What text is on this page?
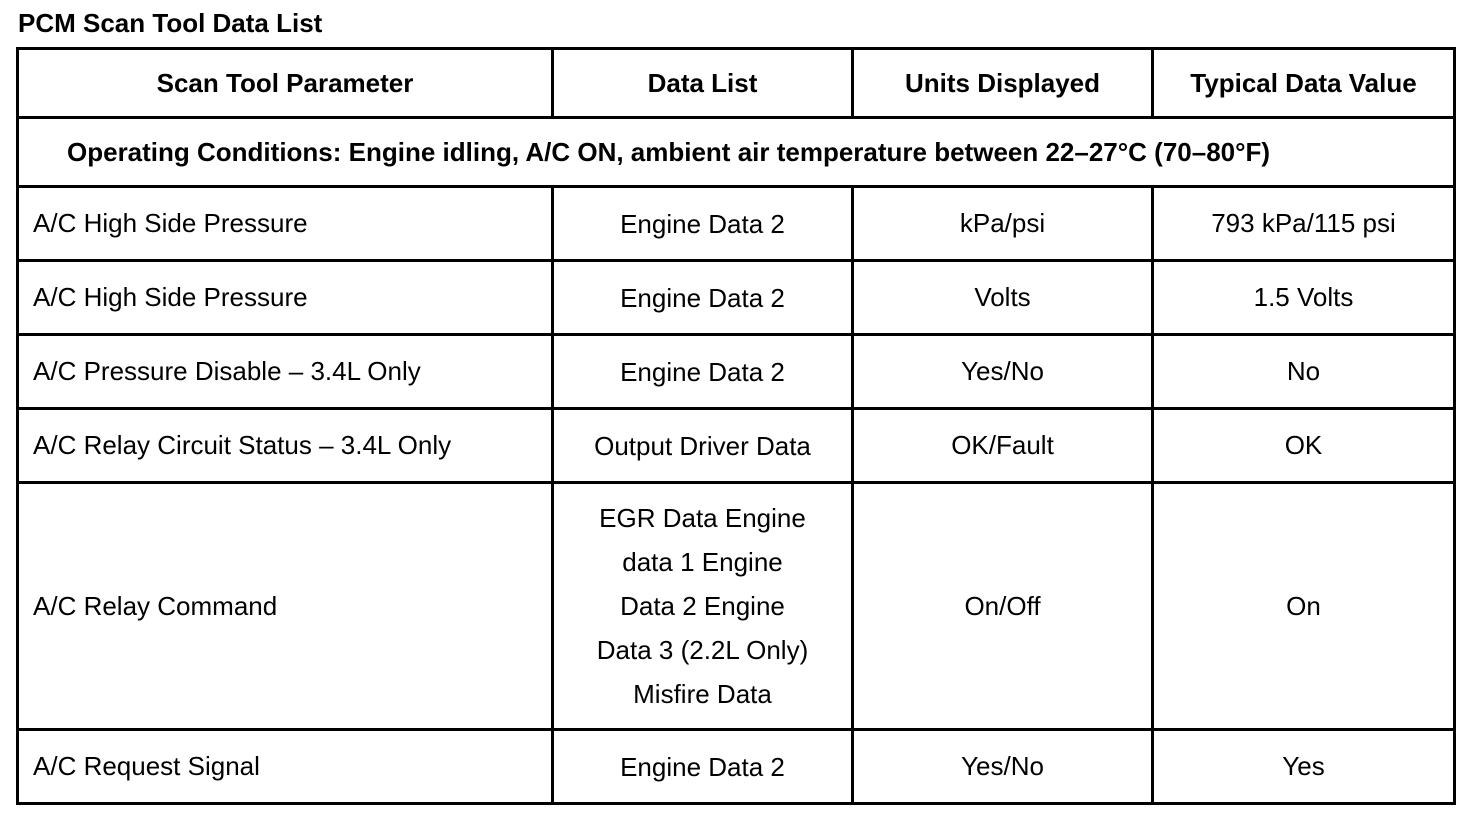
PCM Scan Tool Data List
Scan Tool Parameter	Data List	Units Displayed	Typical Data Value
Operating Conditions: Engine idling, A/C ON, ambient air temperature between 22–27°C (70–80°F)			
A/C High Side Pressure	Engine Data 2	kPa/psi	793 kPa/115 psi
A/C High Side Pressure	Engine Data 2	Volts	1.5 Volts
A/C Pressure Disable – 3.4L Only	Engine Data 2	Yes/No	No
A/C Relay Circuit Status – 3.4L Only	Output Driver Data	OK/Fault	OK
A/C Relay Command	EGR Data Engine data 1 Engine Data 2 Engine Data 3 (2.2L Only) Misfire Data	On/Off	On
A/C Request Signal	Engine Data 2	Yes/No	Yes
